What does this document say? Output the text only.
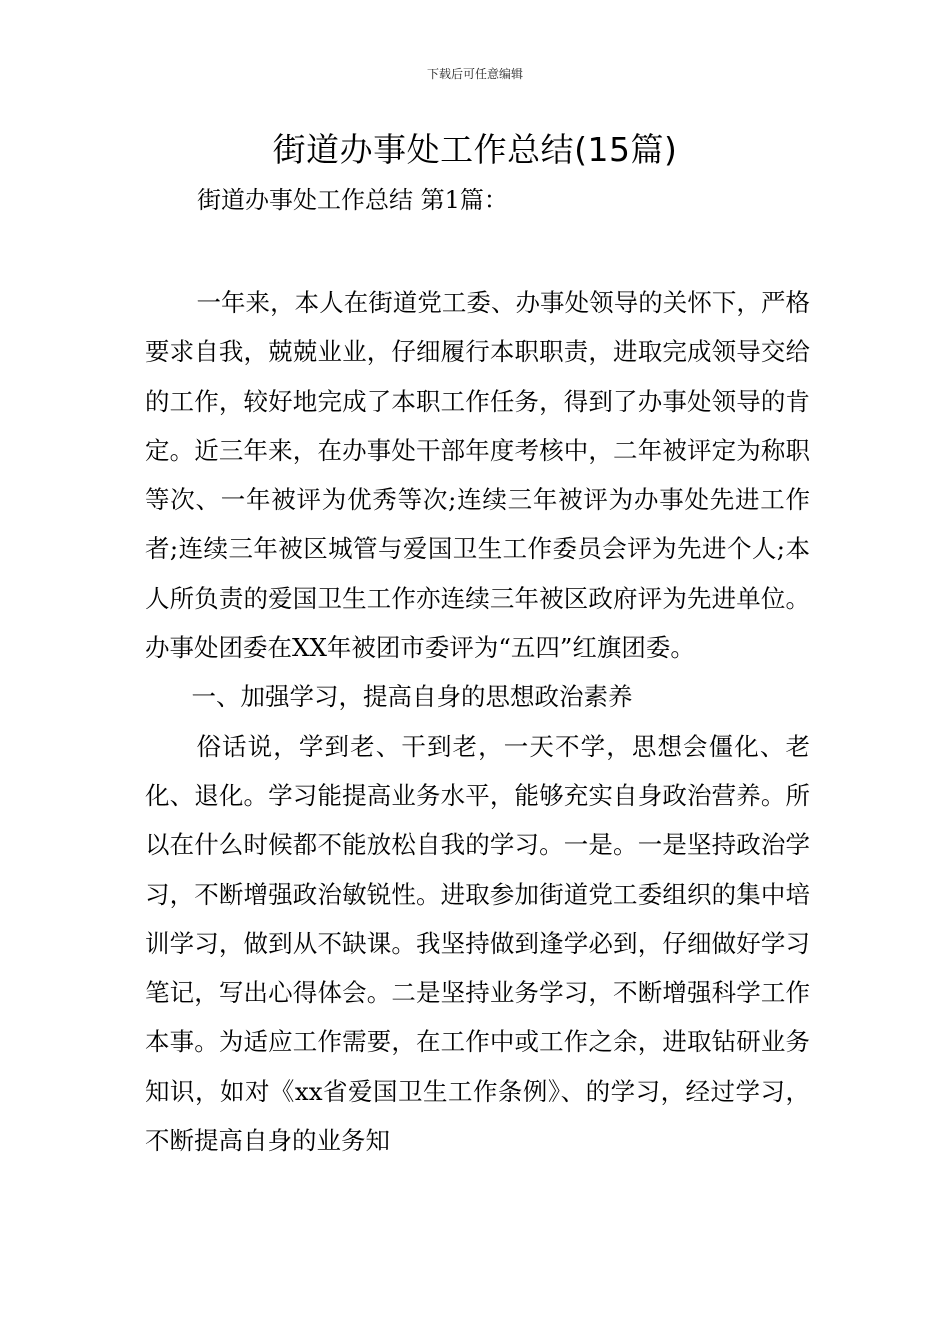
下载后可任意编辑
街道办事处工作总结(15篇)
街道办事处工作总结 第1篇：

一年来，本人在街道党工委、办事处领导的关怀下，严格要求自我，兢兢业业，仔细履行本职职责，进取完成领导交给的工作，较好地完成了本职工作任务，得到了办事处领导的肯定。近三年来，在办事处干部年度考核中，二年被评定为称职等次、一年被评为优秀等次;连续三年被评为办事处先进工作者;连续三年被区城管与爱国卫生工作委员会评为先进个人;本人所负责的爱国卫生工作亦连续三年被区政府评为先进单位。办事处团委在XX年被团市委评为“五四”红旗团委。

一、加强学习，提高自身的思想政治素养

俗话说，学到老、干到老，一天不学，思想会僵化、老化、退化。学习能提高业务水平，能够充实自身政治营养。所以在什么时候都不能放松自我的学习。一是。一是坚持政治学习，不断增强政治敏锐性。进取参加街道党工委组织的集中培训学习，做到从不缺课。我坚持做到逢学必到，仔细做好学习笔记，写出心得体会。二是坚持业务学习，不断增强科学工作本事。为适应工作需要，在工作中或工作之余，进取钻研业务知识，如对《xx省爱国卫生工作条例》、的学习，经过学习，不断提高自身的业务知
